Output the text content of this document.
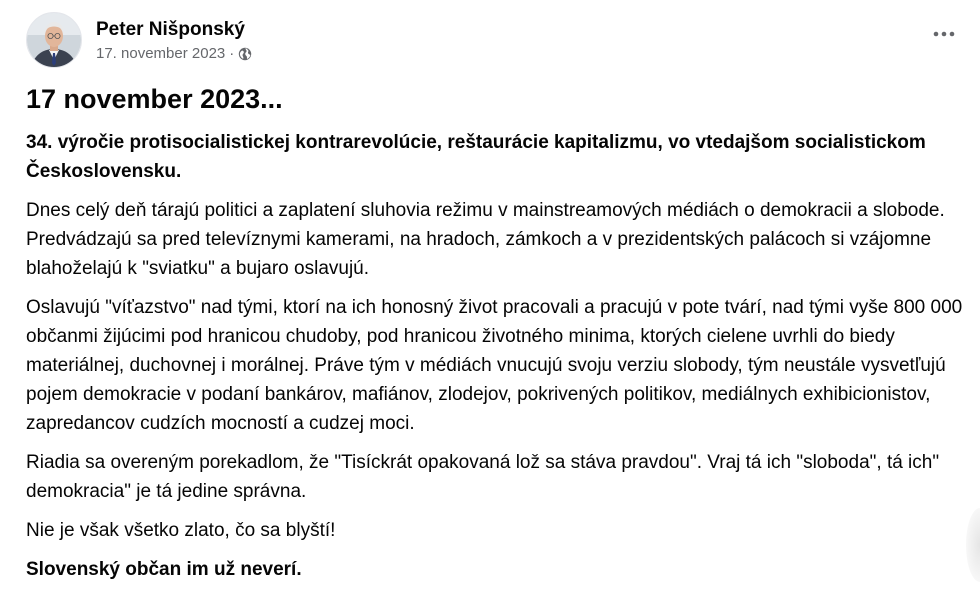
Peter Nišponský
17. november 2023 ·
17 november 2023...
34. výročie protisocialistickej kontrarevolúcie, reštaurácie kapitalizmu, vo vtedajšom socialistickom Československu.
Dnes celý deň tárajú politici a zaplatení sluhovia režimu v mainstreamových médiách o demokracii a slobode. Predvádzajú sa pred televíznymi kamerami, na hradoch, zámkoch a v prezidentských palácoch si vzájomne blahoželajú k "sviatku" a bujaro oslavujú.
Oslavujú "víťazstvo" nad tými, ktorí na ich honosný život pracovali a pracujú v pote tvárí, nad tými vyše 800 000 občanmi žijúcimi pod hranicou chudoby, pod hranicou životného minima, ktorých cielene uvrhli do biedy materiálnej, duchovnej i morálnej. Práve tým v médiách vnucujú svoju verziu slobody, tým neustále vysvetľujú pojem demokracie v podaní bankárov, mafiánov, zlodejov, pokrivených politikov, mediálnych exhibicionistov, zapredancov cudzích mocností a cudzej moci.
Riadia sa overeným porekadlom, že "Tisíckrát opakovaná lož sa stáva pravdou". Vraj tá ich "sloboda", tá ich" demokracia" je tá jedine správna.
Nie je však všetko zlato, čo sa blyští!
Slovenský občan im už neverí.
